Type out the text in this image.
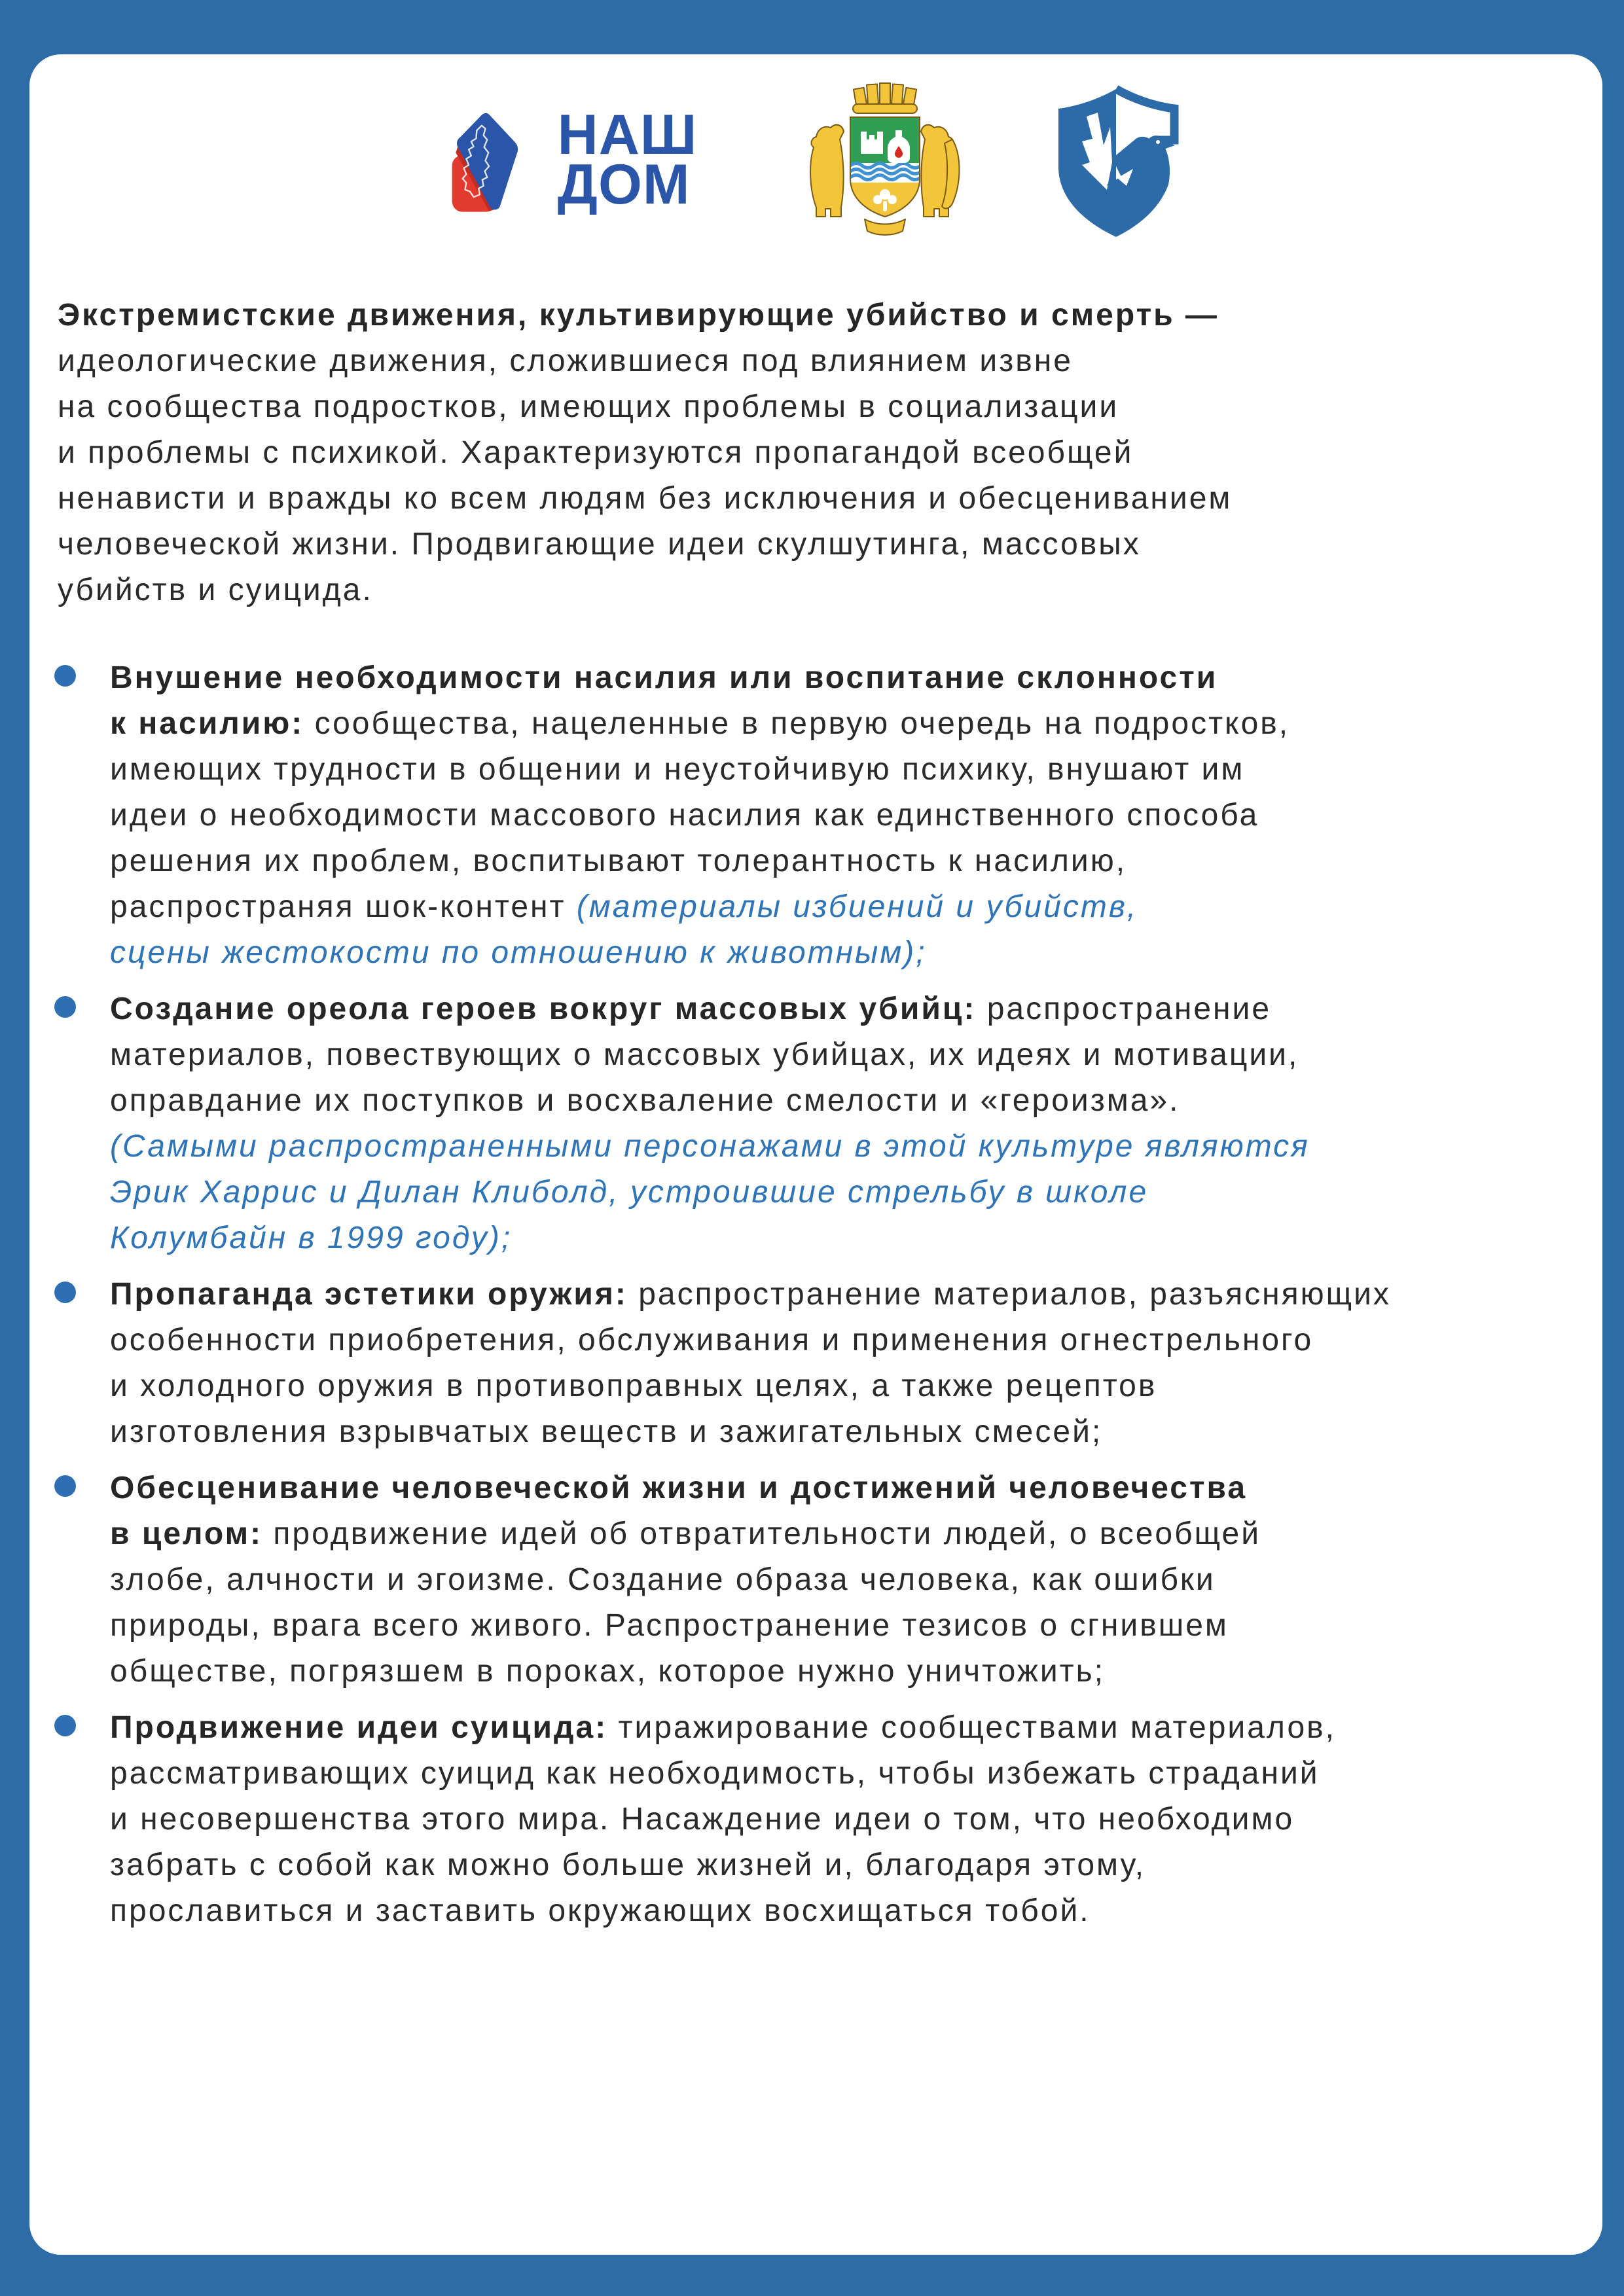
НАШ
ДОМ

Экстремистские движения, культивирующие убийство и смерть —
идеологические движения, сложившиеся под влиянием извне
на сообщества подростков, имеющих проблемы в социализации
и проблемы с психикой. Характеризуются пропагандой всеобщей
ненависти и вражды ко всем людям без исключения и обесцениванием
человеческой жизни. Продвигающие идеи скулшутинга, массовых
убийств и суицида.

Внушение необходимости насилия или воспитание склонности
к насилию: сообщества, нацеленные в первую очередь на подростков,
имеющих трудности в общении и неустойчивую психику, внушают им
идеи о необходимости массового насилия как единственного способа
решения их проблем, воспитывают толерантность к насилию,
распространяя шок-контент (материалы избиений и убийств,
сцены жестокости по отношению к животным);

Создание ореола героев вокруг массовых убийц: распространение
материалов, повествующих о массовых убийцах, их идеях и мотивации,
оправдание их поступков и восхваление смелости и «героизма».
(Самыми распространенными персонажами в этой культуре являются
Эрик Харрис и Дилан Клиболд, устроившие стрельбу в школе
Колумбайн в 1999 году);

Пропаганда эстетики оружия: распространение материалов, разъясняющих
особенности приобретения, обслуживания и применения огнестрельного
и холодного оружия в противоправных целях, а также рецептов
изготовления взрывчатых веществ и зажигательных смесей;

Обесценивание человеческой жизни и достижений человечества
в целом: продвижение идей об отвратительности людей, о всеобщей
злобе, алчности и эгоизме. Создание образа человека, как ошибки
природы, врага всего живого. Распространение тезисов о сгнившем
обществе, погрязшем в пороках, которое нужно уничтожить;

Продвижение идеи суицида: тиражирование сообществами материалов,
рассматривающих суицид как необходимость, чтобы избежать страданий
и несовершенства этого мира. Насаждение идеи о том, что необходимо
забрать с собой как можно больше жизней и, благодаря этому,
прославиться и заставить окружающих восхищаться тобой.
